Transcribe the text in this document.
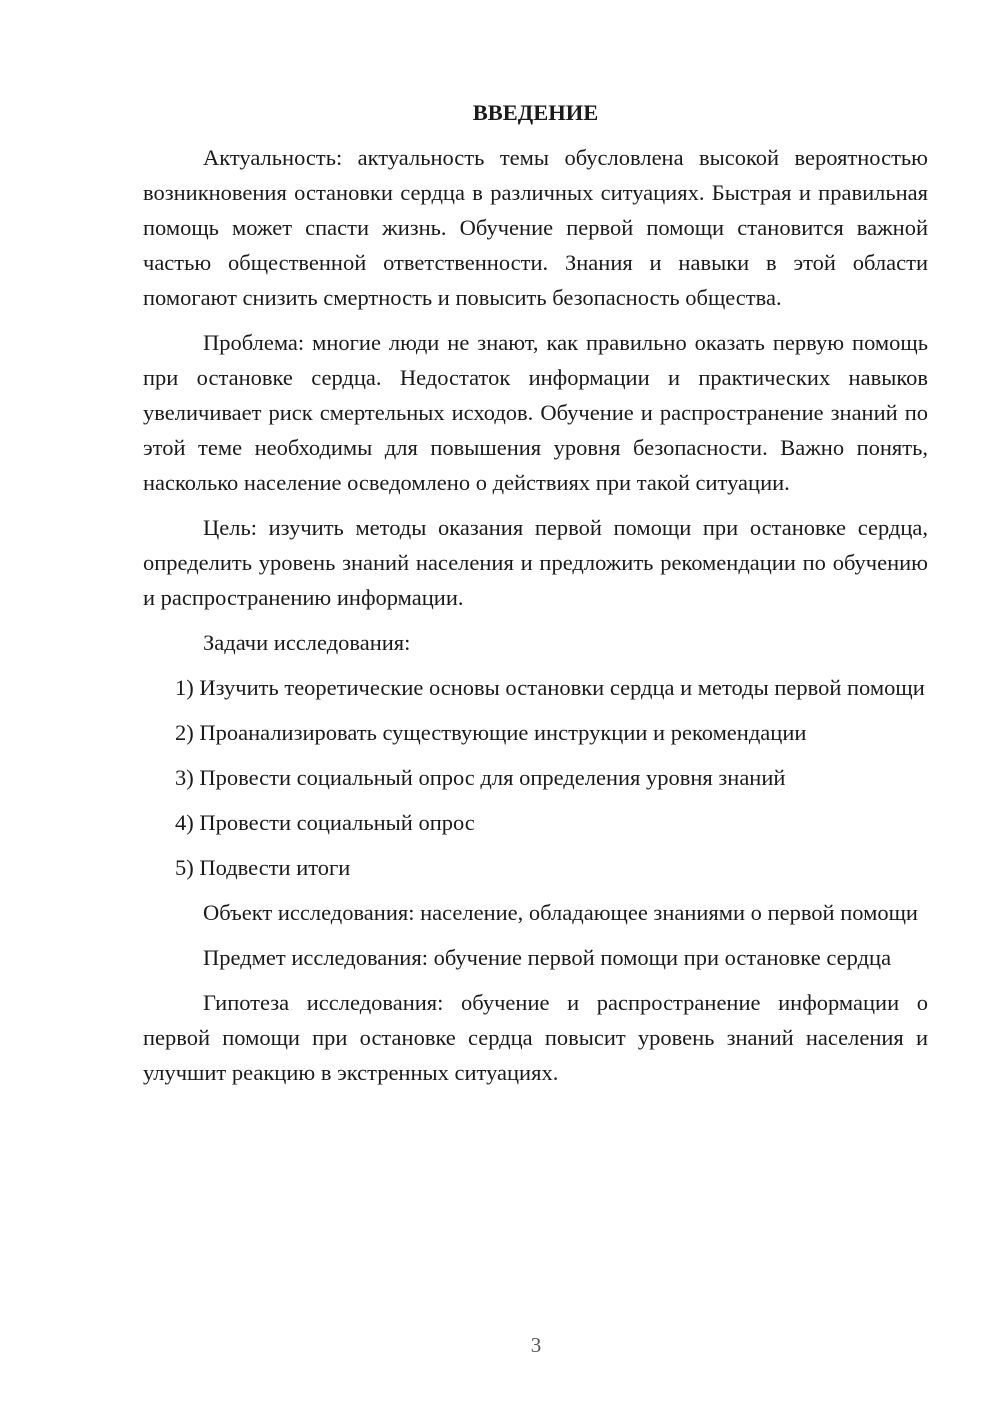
ВВЕДЕНИЕ

Актуальность: актуальность темы обусловлена высокой вероятностью возникновения остановки сердца в различных ситуациях. Быстрая и правильная помощь может спасти жизнь. Обучение первой помощи становится важной частью общественной ответственности. Знания и навыки в этой области помогают снизить смертность и повысить безопасность общества.

Проблема: многие люди не знают, как правильно оказать первую помощь при остановке сердца. Недостаток информации и практических навыков увеличивает риск смертельных исходов. Обучение и распространение знаний по этой теме необходимы для повышения уровня безопасности. Важно понять, насколько население осведомлено о действиях при такой ситуации.

Цель: изучить методы оказания первой помощи при остановке сердца, определить уровень знаний населения и предложить рекомендации по обучению и распространению информации.

Задачи исследования:

1) Изучить теоретические основы остановки сердца и методы первой помощи
2) Проанализировать существующие инструкции и рекомендации
3) Провести социальный опрос для определения уровня знаний
4) Провести социальный опрос
5) Подвести итоги

Объект исследования: население, обладающее знаниями о первой помощи

Предмет исследования: обучение первой помощи при остановке сердца

Гипотеза исследования: обучение и распространение информации о первой помощи при остановке сердца повысит уровень знаний населения и улучшит реакцию в экстренных ситуациях.

3
